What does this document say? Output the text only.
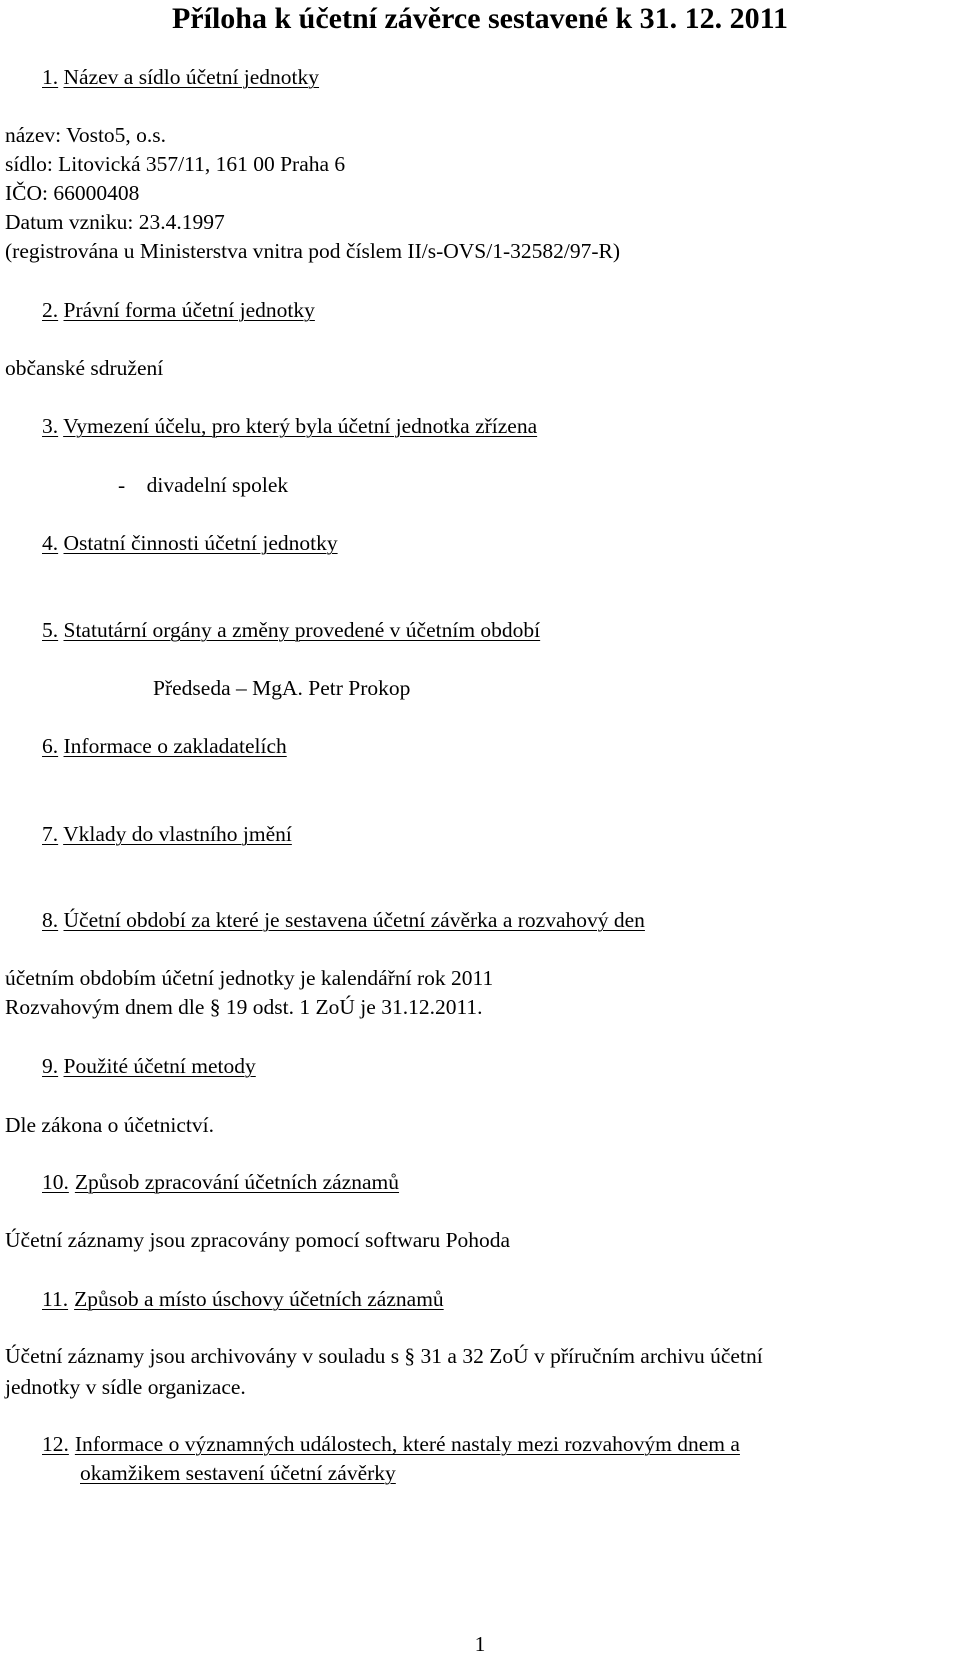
Příloha k účetní závěrce sestavené k 31. 12. 2011
1. Název a sídlo účetní jednotky
název: Vosto5, o.s.
sídlo: Litovická 357/11, 161 00 Praha 6
IČO: 66000408
Datum vzniku: 23.4.1997
(registrována u Ministerstva vnitra pod číslem II/s-OVS/1-32582/97-R)
2. Právní forma účetní jednotky
občanské sdružení
3. Vymezení účelu, pro který byla účetní jednotka zřízena
-    divadelní spolek
4. Ostatní činnosti účetní jednotky
5. Statutární orgány a změny provedené v účetním období
Předseda – MgA. Petr Prokop
6. Informace o zakladatelích
7. Vklady do vlastního jmění
8. Účetní období za které je sestavena účetní závěrka a rozvahový den
účetním obdobím účetní jednotky je kalendářní rok 2011
Rozvahovým dnem dle § 19 odst. 1 ZoÚ je 31.12.2011.
9. Použité účetní metody
Dle zákona o účetnictví.
10. Způsob zpracování účetních záznamů
Účetní záznamy jsou zpracovány pomocí softwaru Pohoda
11. Způsob a místo úschovy účetních záznamů
Účetní záznamy jsou archivovány v souladu s § 31 a 32 ZoÚ v příručním archivu účetní
jednotky v sídle organizace.
12. Informace o významných událostech, které nastaly mezi rozvahovým dnem a
okamžikem sestavení účetní závěrky
1
